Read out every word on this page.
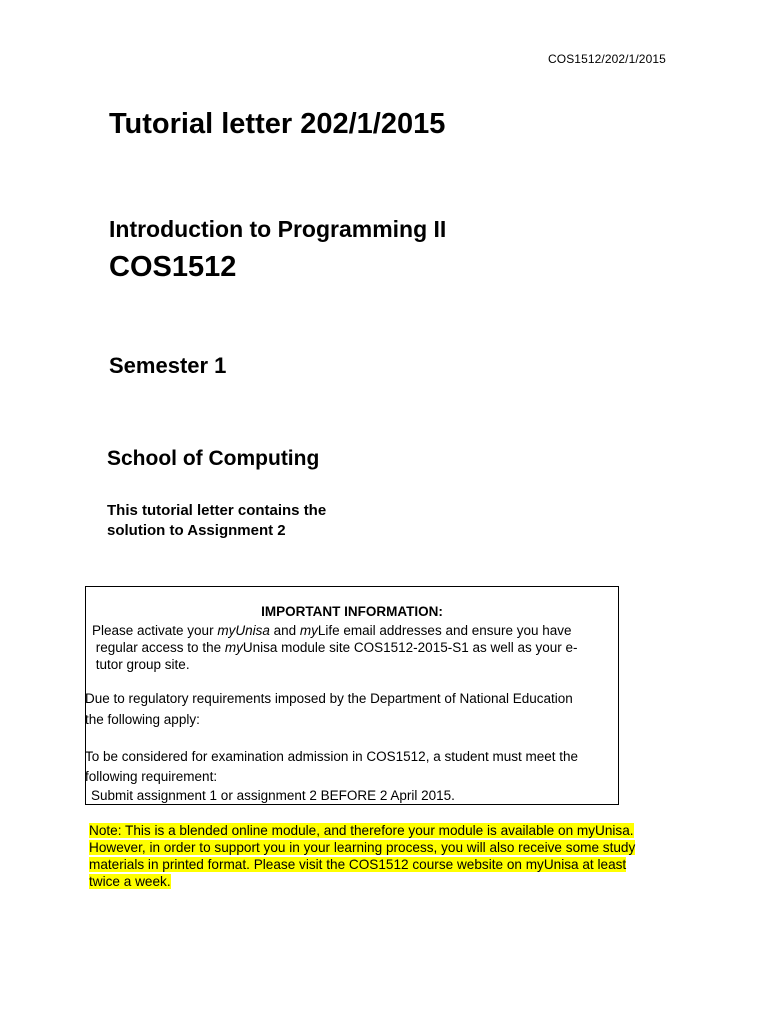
COS1512/202/1/2015
Tutorial letter 202/1/2015
Introduction to Programming II
COS1512
Semester 1
School of Computing
This tutorial letter contains the
solution to Assignment 2
IMPORTANT INFORMATION:
Please activate your myUnisa and myLife email addresses and ensure you have
regular access to the myUnisa module site COS1512-2015-S1 as well as your e-
tutor group site.
Due to regulatory requirements imposed by the Department of National Education
the following apply:
To be considered for examination admission in COS1512, a student must meet the
following requirement:
Submit assignment 1 or assignment 2 BEFORE 2 April 2015.
Note: This is a blended online module, and therefore your module is available on myUnisa.
However, in order to support you in your learning process, you will also receive some study
materials in printed format. Please visit the COS1512 course website on myUnisa at least
twice a week.
